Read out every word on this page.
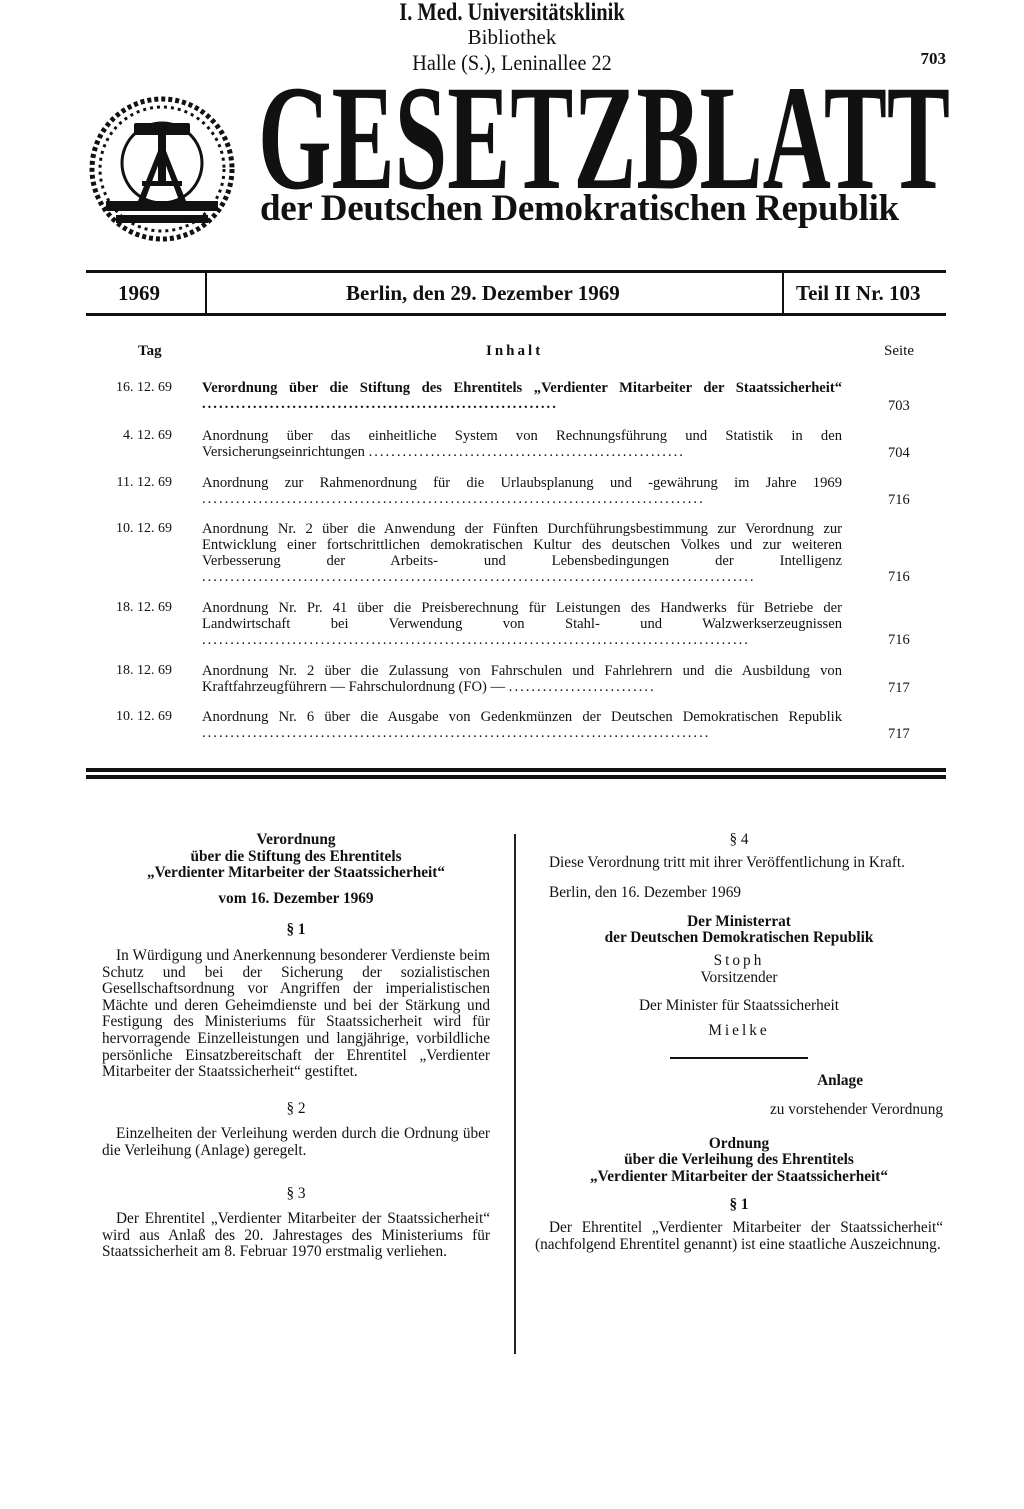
I. Med. Universitätsklinik
Bibliothek
Halle (S.), Leninallee 22	703
GESETZBLATT
der Deutschen Demokratischen Republik
1969	Berlin, den 29. Dezember 1969	Teil II Nr. 103
Tag	Inhalt	Seite
16. 12. 69 Verordnung über die Stiftung des Ehrentitels „Verdienter Mitarbeiter der Staatssicherheit“ ...............................................................	703
4. 12. 69 Anordnung über das einheitliche System von Rechnungsführung und Statistik in den Versicherungseinrichtungen ........................................................	704
11. 12. 69 Anordnung zur Rahmenordnung für die Urlaubsplanung und -gewährung im Jahre 1969 .........................................................................................	716
10. 12. 69 Anordnung Nr. 2 über die Anwendung der Fünften Durchführungsbestimmung zur Verordnung zur Entwicklung einer fortschrittlichen demokratischen Kultur des deutschen Volkes und zur weiteren Verbesserung der Arbeits- und Lebensbedingungen der Intelligenz ..................................................................................................	716
18. 12. 69 Anordnung Nr. Pr. 41 über die Preisberechnung für Leistungen des Handwerks für Betriebe der Landwirtschaft bei Verwendung von Stahl- und Walzwerkserzeugnissen .................................................................................................	716
18. 12. 69 Anordnung Nr. 2 über die Zulassung von Fahrschulen und Fahrlehrern und die Ausbildung von Kraftfahrzeugführern — Fahrschulordnung (FO) — ..........................	717
10. 12. 69 Anordnung Nr. 6 über die Ausgabe von Gedenkmünzen der Deutschen Demokratischen Republik ..........................................................................................	717
Verordnung
über die Stiftung des Ehrentitels
„Verdienter Mitarbeiter der Staatssicherheit“
vom 16. Dezember 1969
§ 1

In Würdigung und Anerkennung besonderer Verdienste beim Schutz und bei der Sicherung der sozialistischen Gesellschaftsordnung vor Angriffen der imperialistischen Mächte und deren Geheimdienste und bei der Stärkung und Festigung des Ministeriums für Staatssicherheit wird für hervorragende Einzelleistungen und langjährige, vorbildliche persönliche Einsatzbereitschaft der Ehrentitel „Verdienter Mitarbeiter der Staatssicherheit“ gestiftet.

§ 2

Einzelheiten der Verleihung werden durch die Ordnung über die Verleihung (Anlage) geregelt.

§ 3

Der Ehrentitel „Verdienter Mitarbeiter der Staatssicherheit“ wird aus Anlaß des 20. Jahrestages des Ministeriums für Staatssicherheit am 8. Februar 1970 erstmalig verliehen.

§ 4

Diese Verordnung tritt mit ihrer Veröffentlichung in Kraft.

Berlin, den 16. Dezember 1969
Der Ministerrat
der Deutschen Demokratischen Republik
Stoph
Vorsitzender
Der Minister für Staatssicherheit
Mielke
Anlage
zu vorstehender Verordnung
Ordnung
über die Verleihung des Ehrentitels
„Verdienter Mitarbeiter der Staatssicherheit“
§ 1

Der Ehrentitel „Verdienter Mitarbeiter der Staatssicherheit“ (nachfolgend Ehrentitel genannt) ist eine staatliche Auszeichnung.
